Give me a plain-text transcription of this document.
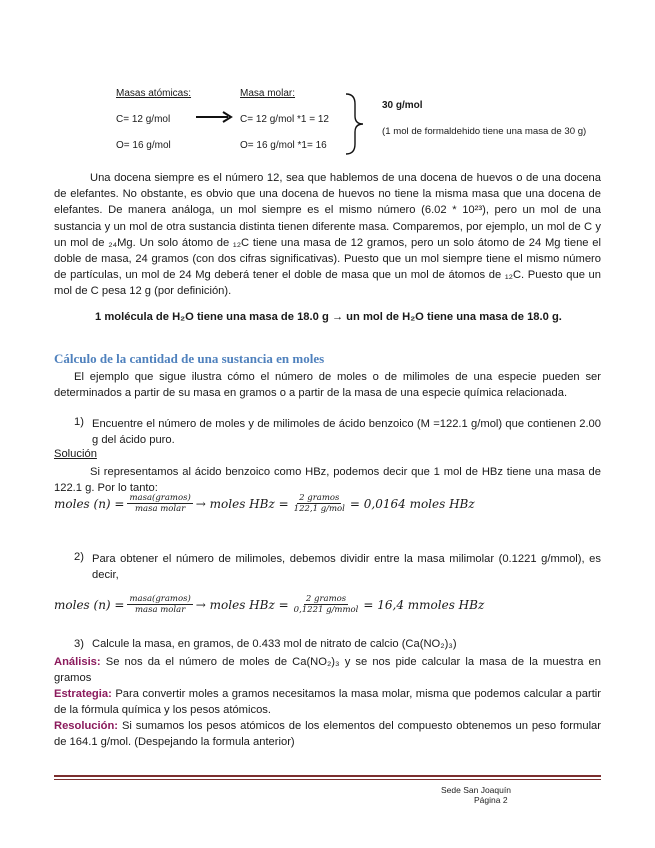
Masas atómicas:	Masa molar:
C= 12 g/mol
O= 16 g/mol
C= 12 g/mol *1 = 12
O= 16 g/mol *1= 16
30 g/mol
(1 mol de formaldehido tiene una masa de 30 g)
Una docena siempre es el número 12, sea que hablemos de una docena de huevos o de una docena de elefantes. No obstante, es obvio que una docena de huevos no tiene la misma masa que una docena de elefantes. De manera análoga, un mol siempre es el mismo número (6.02 * 10²³), pero un mol de una sustancia y un mol de otra sustancia distinta tienen diferente masa. Comparemos, por ejemplo, un mol de C y un mol de ₂₄Mg. Un solo átomo de ₁₂C tiene una masa de 12 gramos, pero un solo átomo de 24 Mg tiene el doble de masa, 24 gramos (con dos cifras significativas). Puesto que un mol siempre tiene el mismo número de partículas, un mol de 24 Mg deberá tener el doble de masa que un mol de átomos de ₁₂C. Puesto que un mol de C pesa 12 g (por definición).
1 molécula de H₂O tiene una masa de 18.0 g → un mol de H₂O tiene una masa de 18.0 g.
Cálculo de la cantidad de una sustancia en moles
El ejemplo que sigue ilustra cómo el número de moles o de milimoles de una especie pueden ser determinados a partir de su masa en gramos o a partir de la masa de una especie química relacionada.
1) Encuentre el número de moles y de milimoles de ácido benzoico (M =122.1 g/mol) que contienen 2.00 g del ácido puro.
Solución
Si representamos al ácido benzoico como HBz, podemos decir que 1 mol de HBz tiene una masa de 122.1 g. Por lo tanto:
moles $(n) = \frac{\text{masa(gramos)}}{\text{masa molar}}$ → moles HBz = $\frac{\text{2 gramos}}{\text{122,1 g/mol}} = 0,0164$ moles HBz
2) Para obtener el número de milimoles, debemos dividir entre la masa milimolar (0.1221 g/mmol), es decir,
moles $(n) = \frac{\text{masa(gramos)}}{\text{masa molar}}$ → moles HBz = $\frac{\text{2 gramos}}{\text{0,1221 g/mmol}} = 16,4$ mmoles HBz
3) Calcule la masa, en gramos, de 0.433 mol de nitrato de calcio (Ca(NO₂)₃)
Análisis: Se nos da el número de moles de Ca(NO₂)₃ y se nos pide calcular la masa de la muestra en gramos
Estrategia: Para convertir moles a gramos necesitamos la masa molar, misma que podemos calcular a partir de la fórmula química y los pesos atómicos.
Resolución: Si sumamos los pesos atómicos de los elementos del compuesto obtenemos un peso formular de 164.1 g/mol. (Despejando la formula anterior)
Sede San Joaquín
Página 2
